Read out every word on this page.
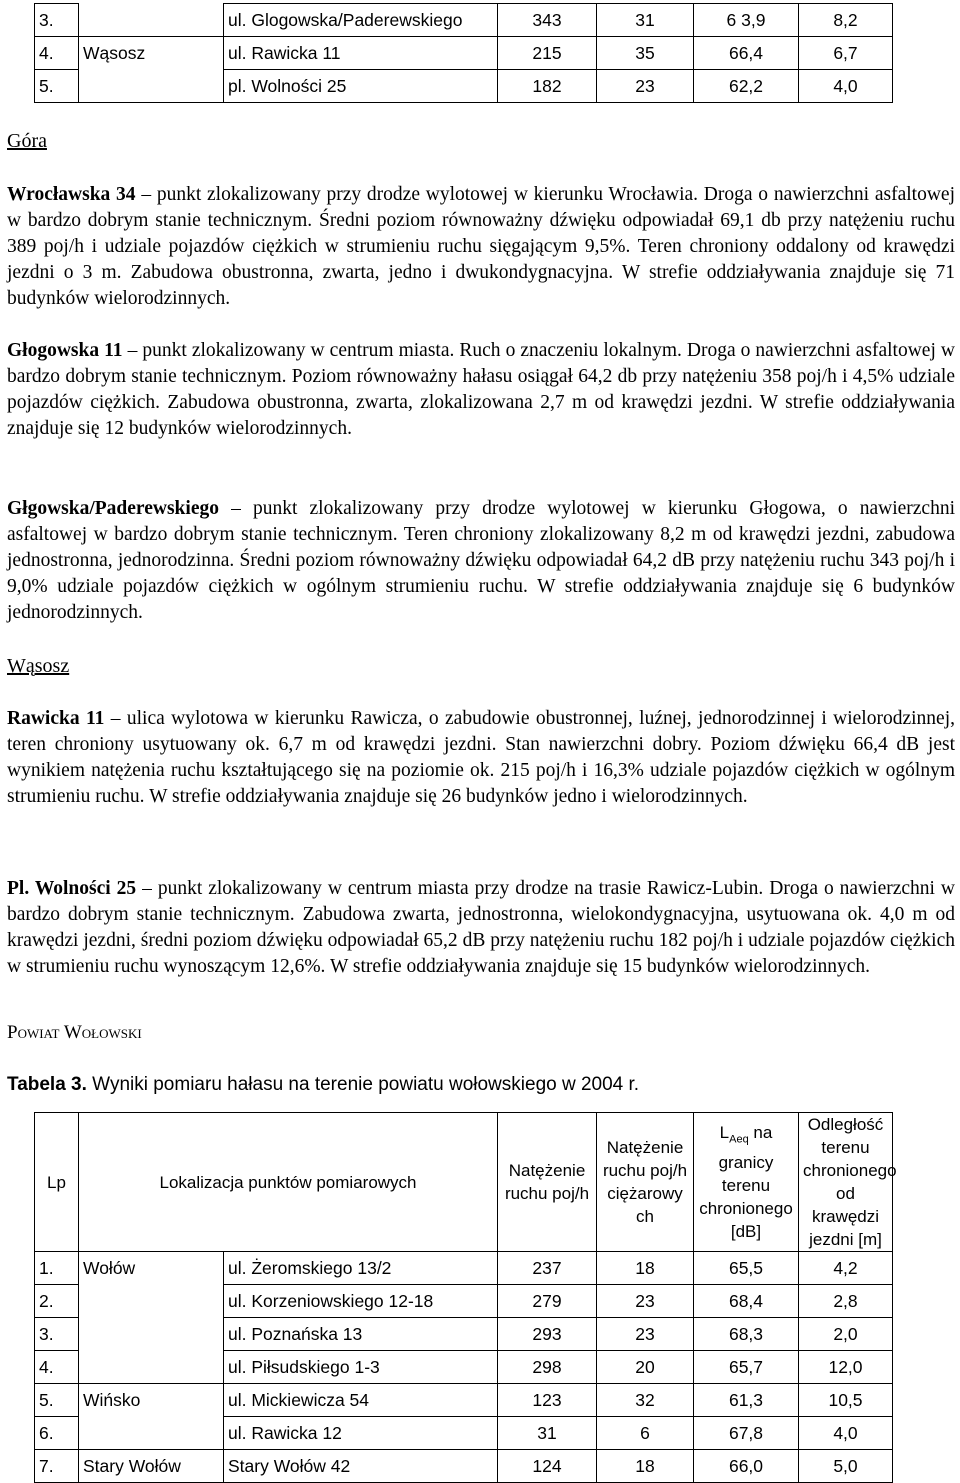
3.		ul. Glogowska/Paderewskiego	343	31	6 3,9	8,2
4.	Wąsosz	ul. Rawicka 11	215	35	66,4	6,7
5.		pl. Wolności 25	182	23	62,2	4,0
Góra

Wrocławska 34 – punkt zlokalizowany przy drodze wylotowej w kierunku Wrocławia. Droga o nawierzchni asfaltowej w bardzo dobrym stanie technicznym. Średni poziom równoważny dźwięku odpowiadał 69,1 db przy natężeniu ruchu 389 poj/h i udziale pojazdów ciężkich w strumieniu ruchu sięgającym 9,5%. Teren chroniony oddalony od krawędzi jezdni o 3 m. Zabudowa obustronna, zwarta, jedno i dwukondygnacyjna. W strefie oddziaływania znajduje się 71 budynków wielorodzinnych.

Głogowska 11 – punkt zlokalizowany w centrum miasta. Ruch o znaczeniu lokalnym. Droga o nawierzchni asfaltowej w bardzo dobrym stanie technicznym. Poziom równoważny hałasu osiągał 64,2 db przy natężeniu 358 poj/h i 4,5% udziale pojazdów ciężkich. Zabudowa obustronna, zwarta, zlokalizowana 2,7 m od krawędzi jezdni. W strefie oddziaływania znajduje się 12 budynków wielorodzinnych.

Głgowska/Paderewskiego – punkt zlokalizowany przy drodze wylotowej w kierunku Głogowa, o nawierzchni asfaltowej w bardzo dobrym stanie technicznym. Teren chroniony zlokalizowany 8,2 m od krawędzi jezdni, zabudowa jednostronna, jednorodzinna. Średni poziom równoważny dźwięku odpowiadał 64,2 dB przy natężeniu ruchu 343 poj/h i 9,0% udziale pojazdów ciężkich w ogólnym strumieniu ruchu. W strefie oddziaływania znajduje się 6 budynków jednorodzinnych.

Wąsosz

Rawicka 11 – ulica wylotowa w kierunku Rawicza, o zabudowie obustronnej, luźnej, jednorodzinnej i wielorodzinnej, teren chroniony usytuowany ok. 6,7 m od krawędzi jezdni. Stan nawierzchni dobry. Poziom dźwięku 66,4 dB jest wynikiem natężenia ruchu kształtującego się na poziomie ok. 215 poj/h i 16,3% udziale pojazdów ciężkich w ogólnym strumieniu ruchu. W strefie oddziaływania znajduje się 26 budynków jedno i wielorodzinnych.

Pl. Wolności 25 – punkt zlokalizowany w centrum miasta przy drodze na trasie Rawicz-Lubin. Droga o nawierzchni w bardzo dobrym stanie technicznym. Zabudowa zwarta, jednostronna, wielokondygnacyjna, usytuowana ok. 4,0 m od krawędzi jezdni, średni poziom dźwięku odpowiadał 65,2 dB przy natężeniu ruchu 182 poj/h i udziale pojazdów ciężkich w strumieniu ruchu wynoszącym 12,6%. W strefie oddziaływania znajduje się 15 budynków wielorodzinnych.

Powiat Wołowski
Tabela 3. Wyniki pomiaru hałasu na terenie powiatu wołowskiego w 2004 r.
Lp	Lokalizacja punktów pomiarowych		Natężenie ruchu poj/h	Natężenie ruchu poj/h ciężarowy ch	$L_{Aeq}$ na granicy terenu chronionego [dB]	Odległość terenu chronionego od krawędzi jezdni [m]
1.	Wołów	ul. Żeromskiego 13/2	237	18	65,5	4,2
2.		ul. Korzeniowskiego 12-18	279	23	68,4	2,8
3.		ul. Poznańska 13	293	23	68,3	2,0
4.		ul. Piłsudskiego 1-3	298	20	65,7	12,0
5.	Wińsko	ul. Mickiewicza 54	123	32	61,3	10,5
6.		ul. Rawicka 12	31	6	67,8	4,0
7.	Stary Wołów	Stary Wołów 42	124	18	66,0	5,0
